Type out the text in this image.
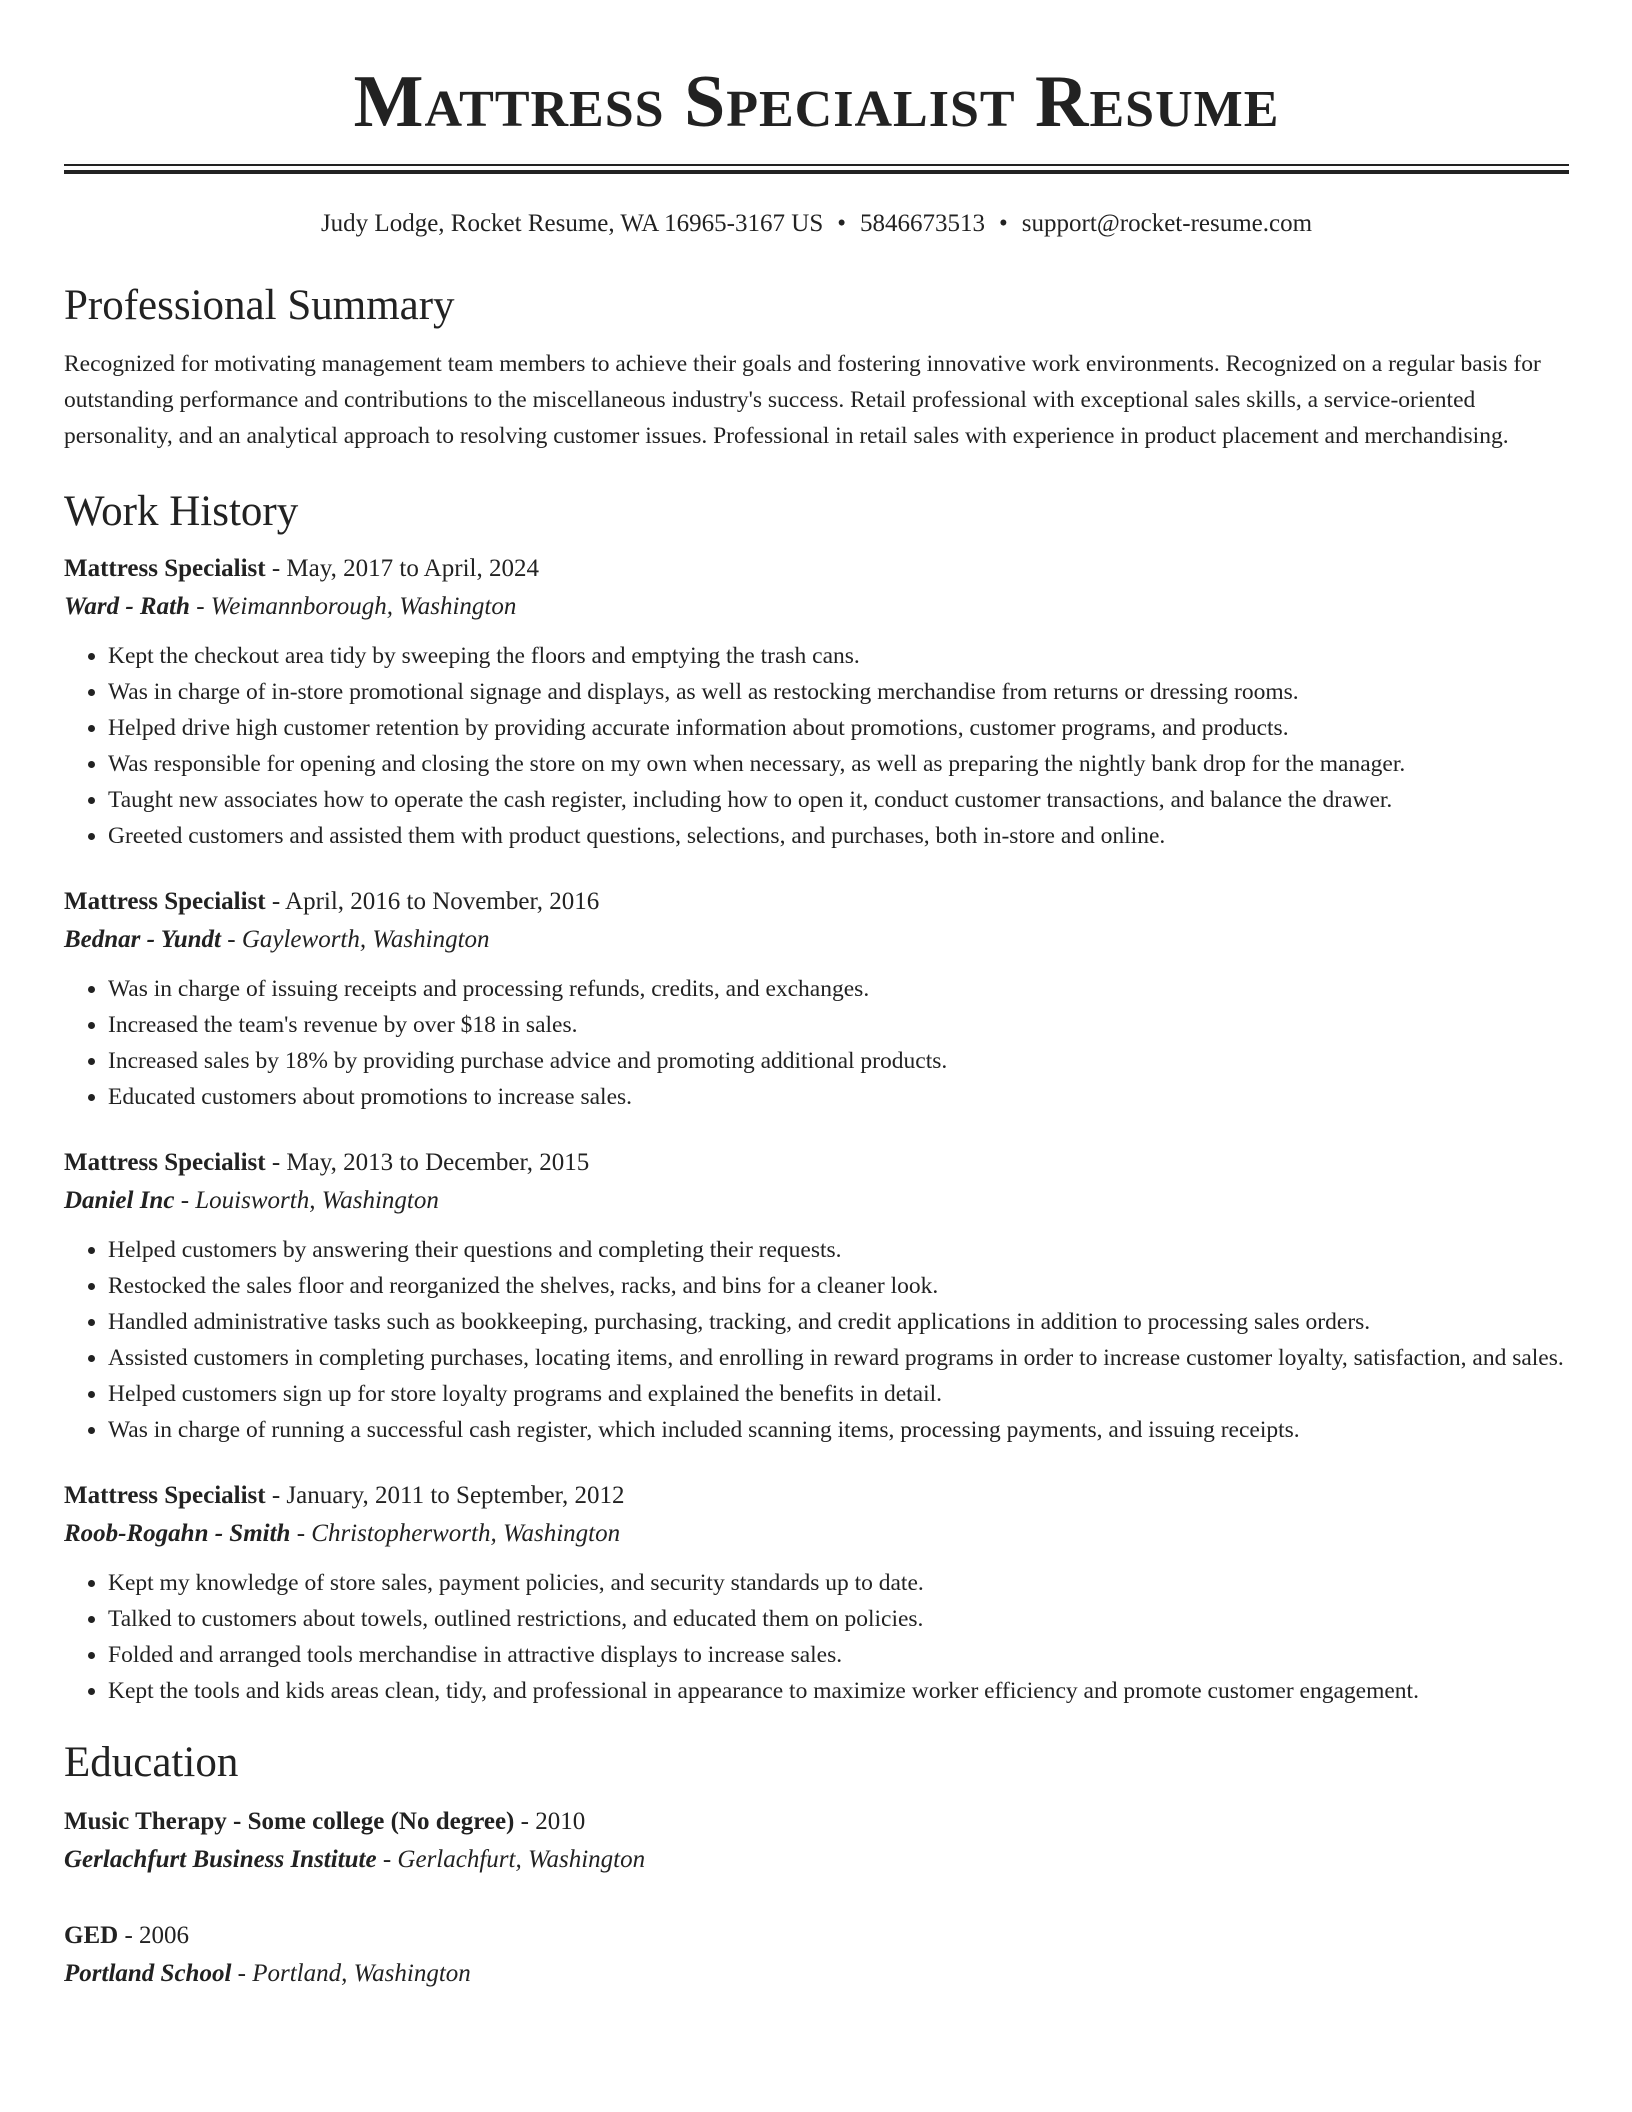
Mattress Specialist Resume
Judy Lodge, Rocket Resume, WA 16965-3167 US • 5846673513 • support@rocket-resume.com
Professional Summary

Recognized for motivating management team members to achieve their goals and fostering innovative work environments. Recognized on a regular basis for outstanding performance and contributions to the miscellaneous industry's success. Retail professional with exceptional sales skills, a service-oriented personality, and an analytical approach to resolving customer issues. Professional in retail sales with experience in product placement and merchandising.

Work History
Mattress Specialist - May, 2017 to April, 2024
Ward - Rath - Weimannborough, Washington
• Kept the checkout area tidy by sweeping the floors and emptying the trash cans.
• Was in charge of in-store promotional signage and displays, as well as restocking merchandise from returns or dressing rooms.
• Helped drive high customer retention by providing accurate information about promotions, customer programs, and products.
• Was responsible for opening and closing the store on my own when necessary, as well as preparing the nightly bank drop for the manager.
• Taught new associates how to operate the cash register, including how to open it, conduct customer transactions, and balance the drawer.
• Greeted customers and assisted them with product questions, selections, and purchases, both in-store and online.
Mattress Specialist - April, 2016 to November, 2016
Bednar - Yundt - Gayleworth, Washington
• Was in charge of issuing receipts and processing refunds, credits, and exchanges.
• Increased the team's revenue by over $18 in sales.
• Increased sales by 18% by providing purchase advice and promoting additional products.
• Educated customers about promotions to increase sales.
Mattress Specialist - May, 2013 to December, 2015
Daniel Inc - Louisworth, Washington
• Helped customers by answering their questions and completing their requests.
• Restocked the sales floor and reorganized the shelves, racks, and bins for a cleaner look.
• Handled administrative tasks such as bookkeeping, purchasing, tracking, and credit applications in addition to processing sales orders.
• Assisted customers in completing purchases, locating items, and enrolling in reward programs in order to increase customer loyalty, satisfaction, and sales.
• Helped customers sign up for store loyalty programs and explained the benefits in detail.
• Was in charge of running a successful cash register, which included scanning items, processing payments, and issuing receipts.
Mattress Specialist - January, 2011 to September, 2012
Roob-Rogahn - Smith - Christopherworth, Washington
• Kept my knowledge of store sales, payment policies, and security standards up to date.
• Talked to customers about towels, outlined restrictions, and educated them on policies.
• Folded and arranged tools merchandise in attractive displays to increase sales.
• Kept the tools and kids areas clean, tidy, and professional in appearance to maximize worker efficiency and promote customer engagement.
Education
Music Therapy - Some college (No degree) - 2010
Gerlachfurt Business Institute - Gerlachfurt, Washington
GED - 2006
Portland School - Portland, Washington
